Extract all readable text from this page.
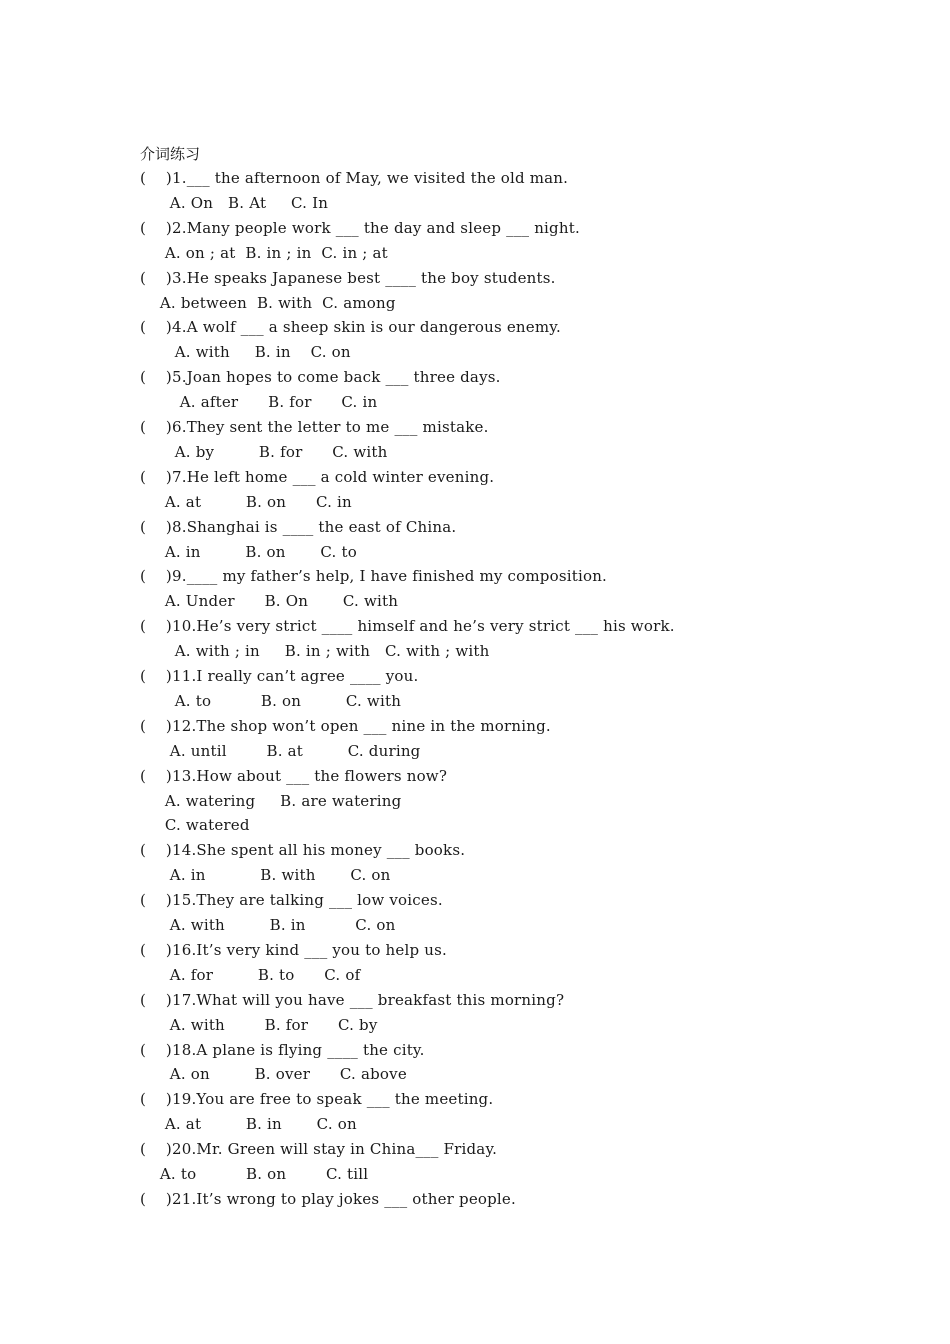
介词练习
(    )1.___ the afternoon of May, we visited the old man.
A. On   B. At     C. In
(    )2.Many people work ___ the day and sleep ___ night.
A. on ; at  B. in ; in  C. in ; at
(    )3.He speaks Japanese best ____ the boy students.
A. between  B. with  C. among
(    )4.A wolf ___ a sheep skin is our dangerous enemy.
A. with     B. in    C. on
(    )5.Joan hopes to come back ___ three days.
A. after      B. for      C. in
(    )6.They sent the letter to me ___ mistake.
A. by         B. for      C. with
(    )7.He left home ___ a cold winter evening.
A. at         B. on      C. in
(    )8.Shanghai is ____ the east of China.
A. in         B. on       C. to
(    )9.____ my father’s help, I have finished my composition.
A. Under      B. On       C. with
(    )10.He’s very strict ____ himself and he’s very strict ___ his work.
A. with ; in     B. in ; with   C. with ; with
(    )11.I really can’t agree ____ you.
A. to          B. on         C. with
(    )12.The shop won’t open ___ nine in the morning.
A. until        B. at         C. during
(    )13.How about ___ the flowers now?
A. watering     B. are watering
C. watered
(    )14.She spent all his money ___ books.
A. in           B. with       C. on
(    )15.They are talking ___ low voices.
A. with         B. in          C. on
(    )16.It’s very kind ___ you to help us.
A. for         B. to      C. of
(    )17.What will you have ___ breakfast this morning?
A. with        B. for      C. by
(    )18.A plane is flying ____ the city.
A. on         B. over      C. above
(    )19.You are free to speak ___ the meeting.
A. at         B. in       C. on
(    )20.Mr. Green will stay in China___ Friday.
A. to          B. on        C. till
(    )21.It’s wrong to play jokes ___ other people.
